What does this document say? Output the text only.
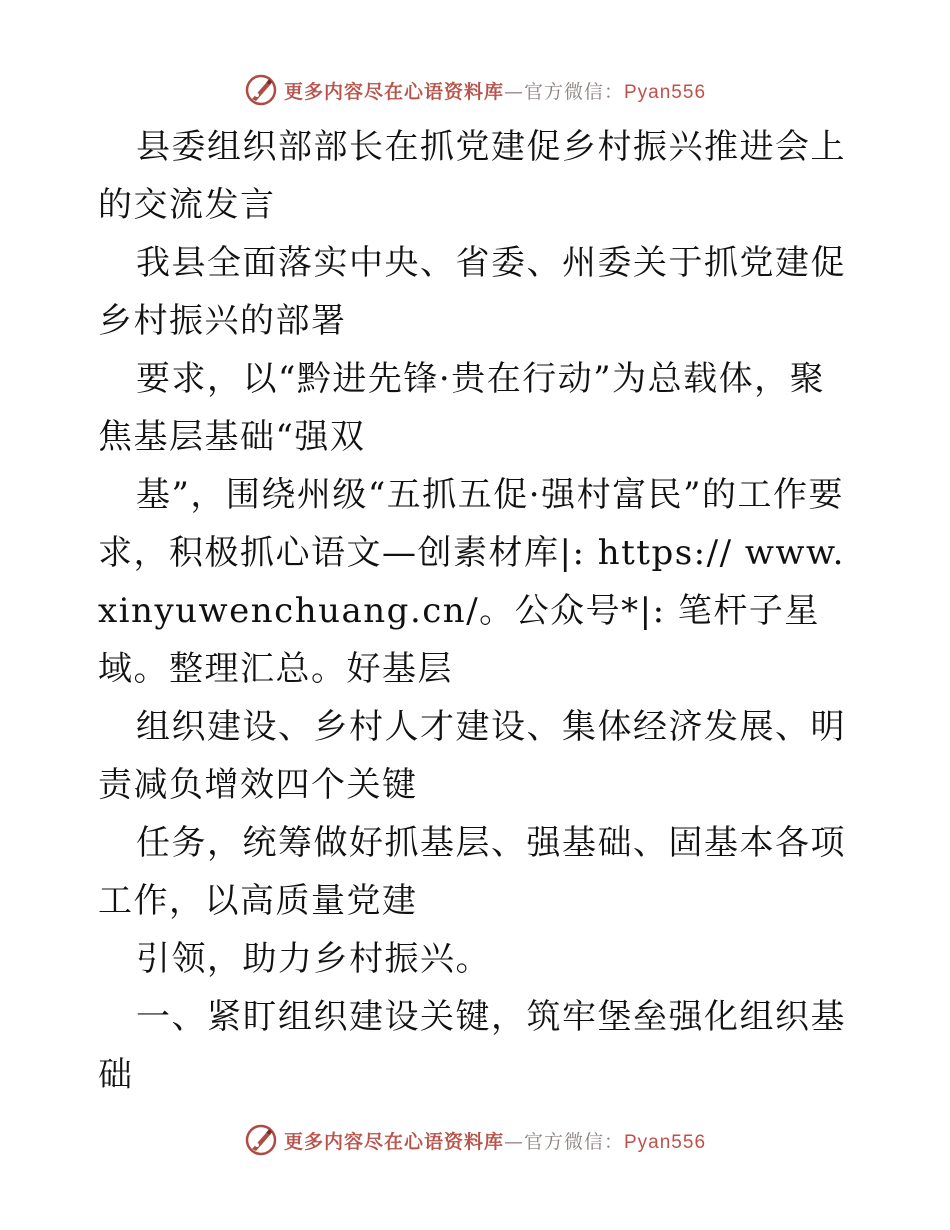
更多内容尽在心语资料库—官方微信：Pyan556

县委组织部部长在抓党建促乡村振兴推进会上的交流发言

我县全面落实中央、省委、州委关于抓党建促乡村振兴的部署

要求，以“黔进先锋·贵在行动”为总载体，聚焦基层基础“强双

基”，围绕州级“五抓五促·强村富民”的工作要求，积极抓心语文—创素材库|: https:// www.xinyuwenchuang.cn/。公众号*|: 笔杆子星域。整理汇总。好基层

组织建设、乡村人才建设、集体经济发展、明责减负增效四个关键

任务，统筹做好抓基层、强基础、固基本各项工作，以高质量党建

引领，助力乡村振兴。

一、紧盯组织建设关键，筑牢堡垒强化组织基础

更多内容尽在心语资料库—官方微信：Pyan556
